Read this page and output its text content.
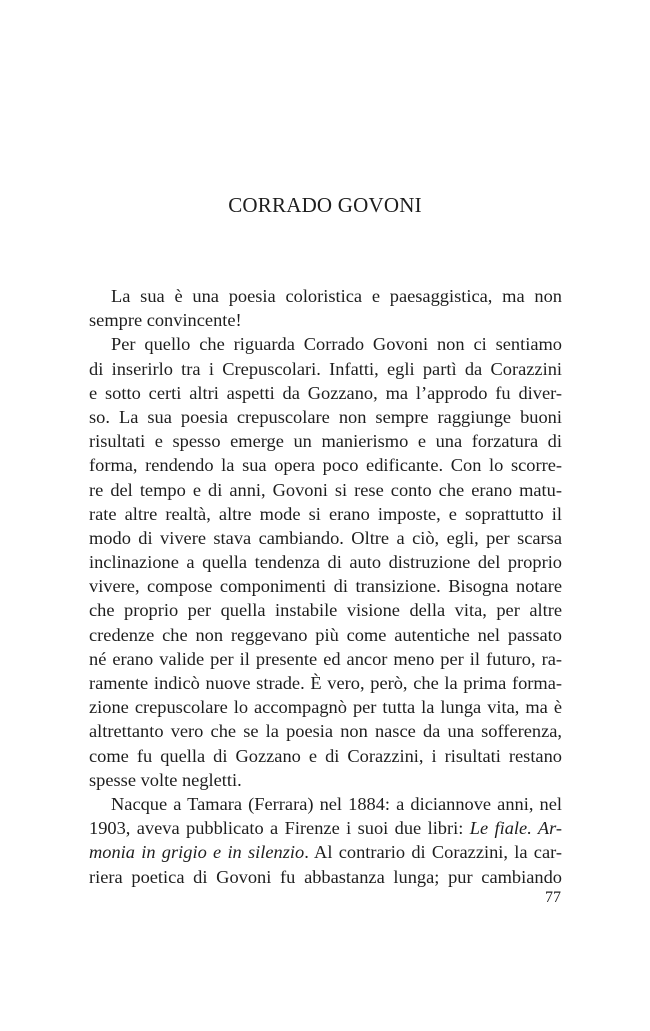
CORRADO GOVONI
La sua è una poesia coloristica e paesaggistica, ma non
sempre convincente!
Per quello che riguarda Corrado Govoni non ci sentiamo
di inserirlo tra i Crepuscolari. Infatti, egli partì da Corazzini
e sotto certi altri aspetti da Gozzano, ma l’approdo fu diver-
so. La sua poesia crepuscolare non sempre raggiunge buoni
risultati e spesso emerge un manierismo e una forzatura di
forma, rendendo la sua opera poco edificante. Con lo scorre-
re del tempo e di anni, Govoni si rese conto che erano matu-
rate altre realtà, altre mode si erano imposte, e soprattutto il
modo di vivere stava cambiando. Oltre a ciò, egli, per scarsa
inclinazione a quella tendenza di auto distruzione del proprio
vivere, compose componimenti di transizione. Bisogna notare
che proprio per quella instabile visione della vita, per altre
credenze che non reggevano più come autentiche nel passato
né erano valide per il presente ed ancor meno per il futuro, ra-
ramente indicò nuove strade. È vero, però, che la prima forma-
zione crepuscolare lo accompagnò per tutta la lunga vita, ma è
altrettanto vero che se la poesia non nasce da una sofferenza,
come fu quella di Gozzano e di Corazzini, i risultati restano
spesse volte negletti.
Nacque a Tamara (Ferrara) nel 1884: a diciannove anni, nel
1903, aveva pubblicato a Firenze i suoi due libri: Le fiale. Ar-
monia in grigio e in silenzio. Al contrario di Corazzini, la car-
riera poetica di Govoni fu abbastanza lunga; pur cambiando
77
